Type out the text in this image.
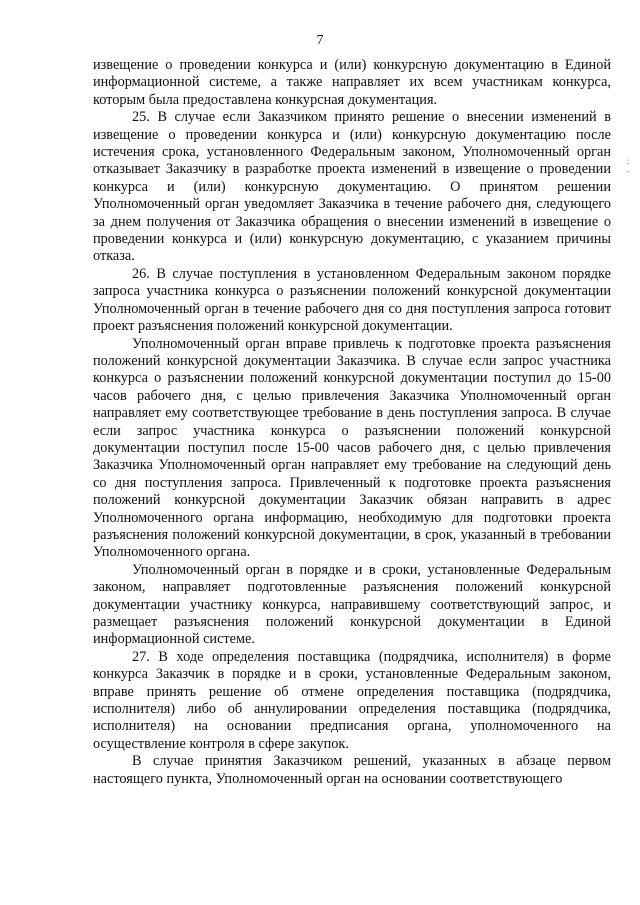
7
:
-

извещение о проведении конкурса и (или) конкурсную документацию в Единой информационной системе, а также направляет их всем участникам конкурса, которым была предоставлена конкурсная документация.

25. В случае если Заказчиком принято решение о внесении изменений в извещение о проведении конкурса и (или) конкурсную документацию после истечения срока, установленного Федеральным законом, Уполномоченный орган отказывает Заказчику в разработке проекта изменений в извещение о проведении конкурса и (или) конкурсную документацию. О принятом решении Уполномоченный орган уведомляет Заказчика в течение рабочего дня, следующего за днем получения от Заказчика обращения о внесении изменений в извещение о проведении конкурса и (или) конкурсную документацию, с указанием причины отказа.

26. В случае поступления в установленном Федеральным законом порядке запроса участника конкурса о разъяснении положений конкурсной документации Уполномоченный орган в течение рабочего дня со дня поступления запроса готовит проект разъяснения положений конкурсной документации.

Уполномоченный орган вправе привлечь к подготовке проекта разъяснения положений конкурсной документации Заказчика. В случае если запрос участника конкурса о разъяснении положений конкурсной документации поступил до 15-00 часов рабочего дня, с целью привлечения Заказчика Уполномоченный орган направляет ему соответствующее требование в день поступления запроса. В случае если запрос участника конкурса о разъяснении положений конкурсной документации поступил после 15-00 часов рабочего дня, с целью привлечения Заказчика Уполномоченный орган направляет ему требование на следующий день со дня поступления запроса. Привлеченный к подготовке проекта разъяснения положений конкурсной документации Заказчик обязан направить в адрес Уполномоченного органа информацию, необходимую для подготовки проекта разъяснения положений конкурсной документации, в срок, указанный в требовании Уполномоченного органа.

Уполномоченный орган в порядке и в сроки, установленные Федеральным законом, направляет подготовленные разъяснения положений конкурсной документации участнику конкурса, направившему соответствующий запрос, и размещает разъяснения положений конкурсной документации в Единой информационной системе.

27. В ходе определения поставщика (подрядчика, исполнителя) в форме конкурса Заказчик в порядке и в сроки, установленные Федеральным законом, вправе принять решение об отмене определения поставщика (подрядчика, исполнителя) либо об аннулировании определения поставщика (подрядчика, исполнителя) на основании предписания органа, уполномоченного на осуществление контроля в сфере закупок.

В случае принятия Заказчиком решений, указанных в абзаце первом настоящего пункта, Уполномоченный орган на основании соответствующего
